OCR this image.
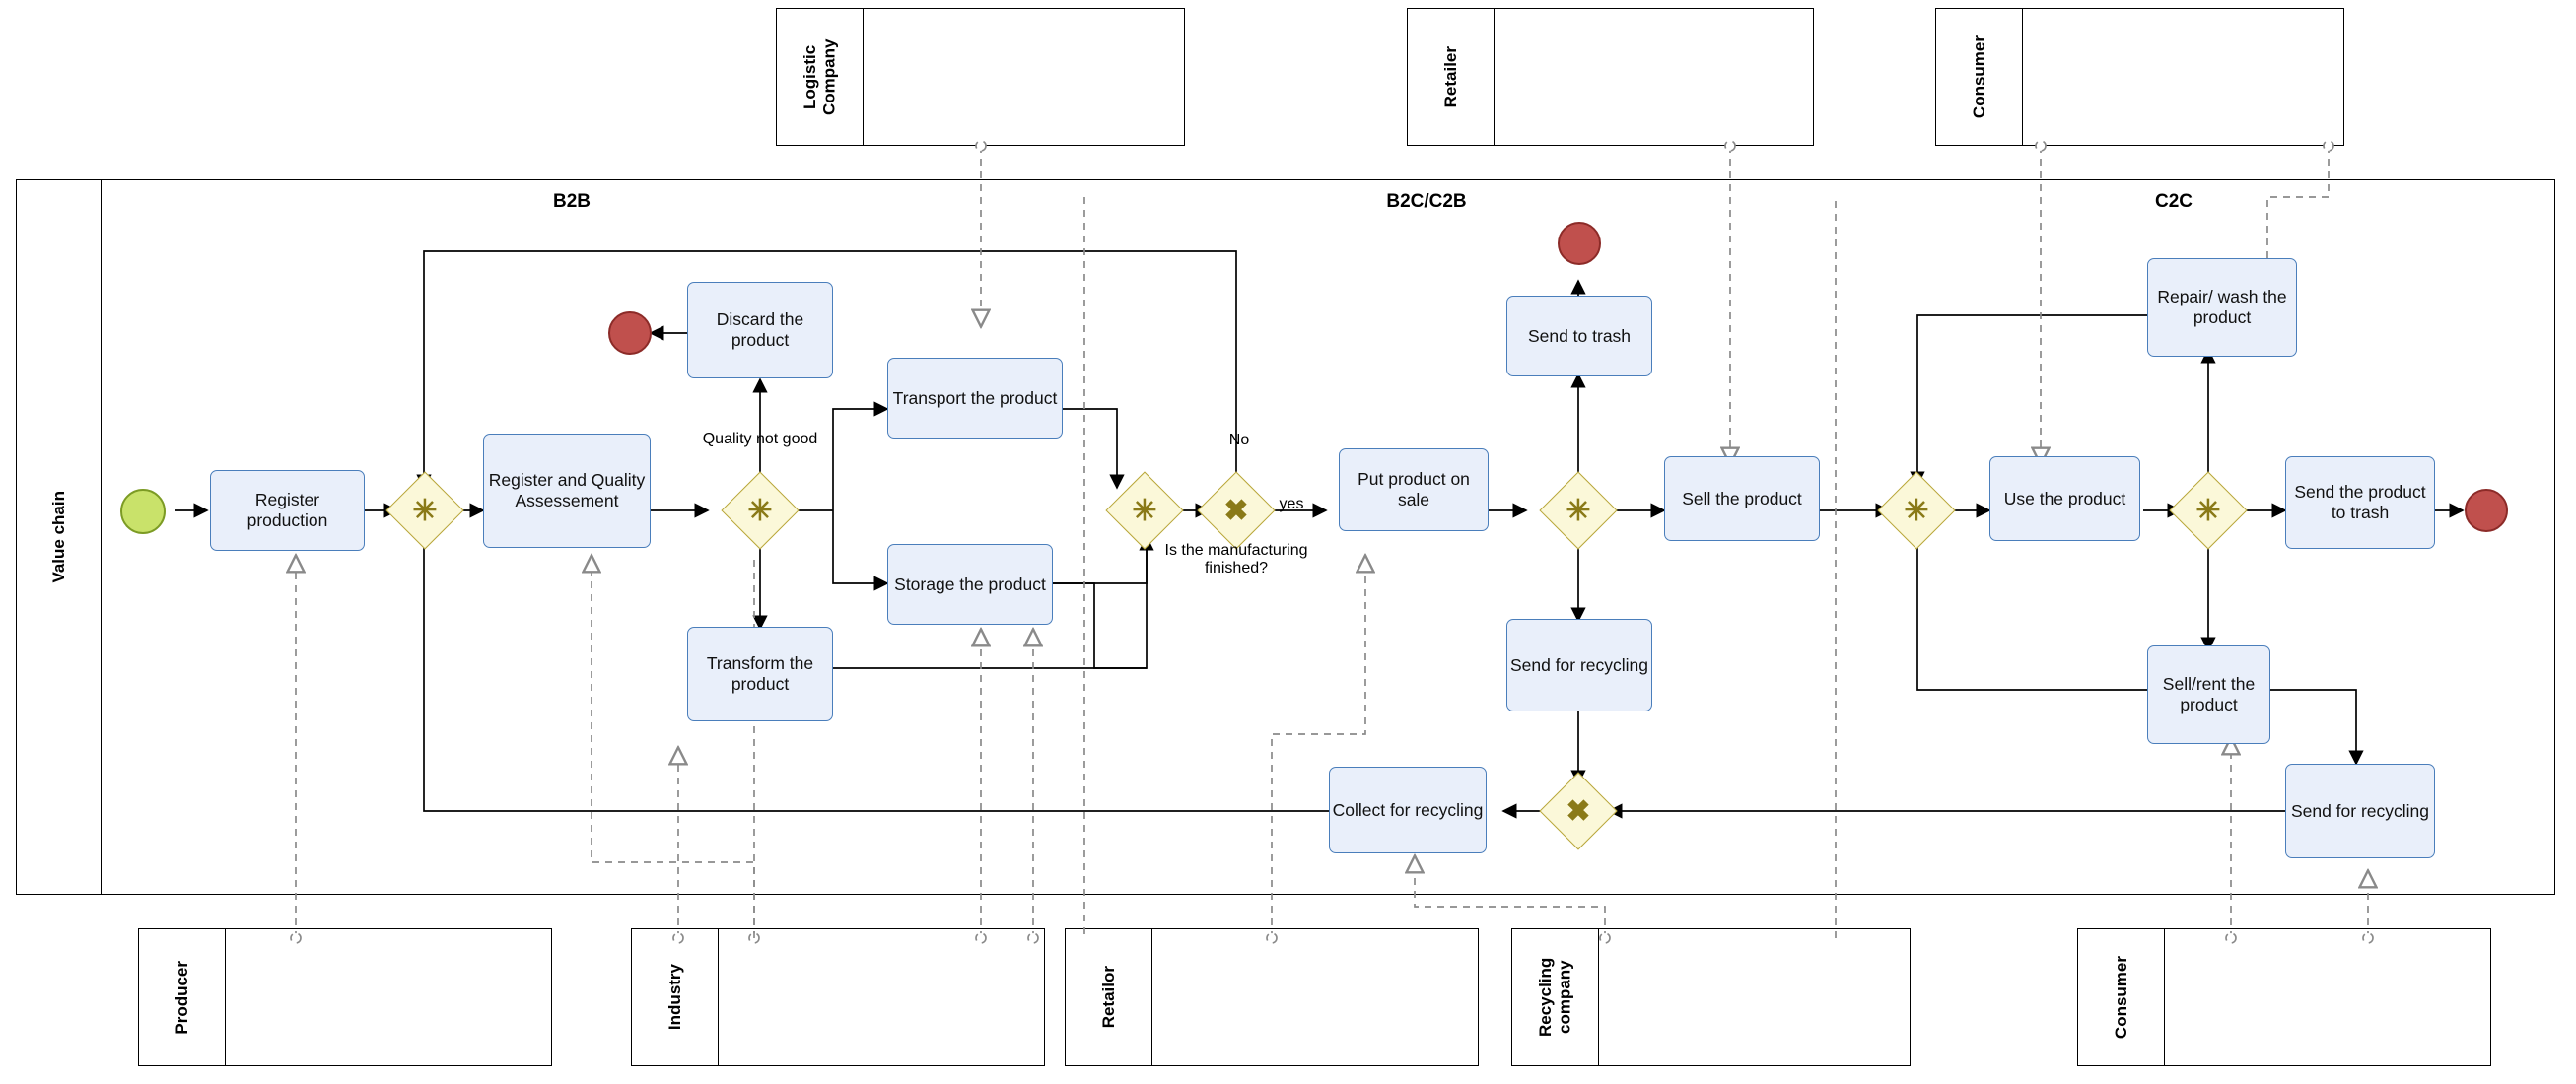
Logistic Company	Retailer	Consumer
Value chain
B2B	B2C/C2B	C2C
Producer	Industry	Retailor	Recycling company	Consumer
Register production
Register and Quality Assessement
Discard the product
Transport the product
Storage the product
Transform the product
Put product on sale
Send to trash
Send for recycling
Sell the product
Collect for recycling
Repair/ wash the product
Use the product
Sell/rent the product
Send the product to trash
Send for recycling
✳	✳	✳	✖	✳	✳	✳
✖
Quality not good	No
yes
Is the manufacturing finished?
